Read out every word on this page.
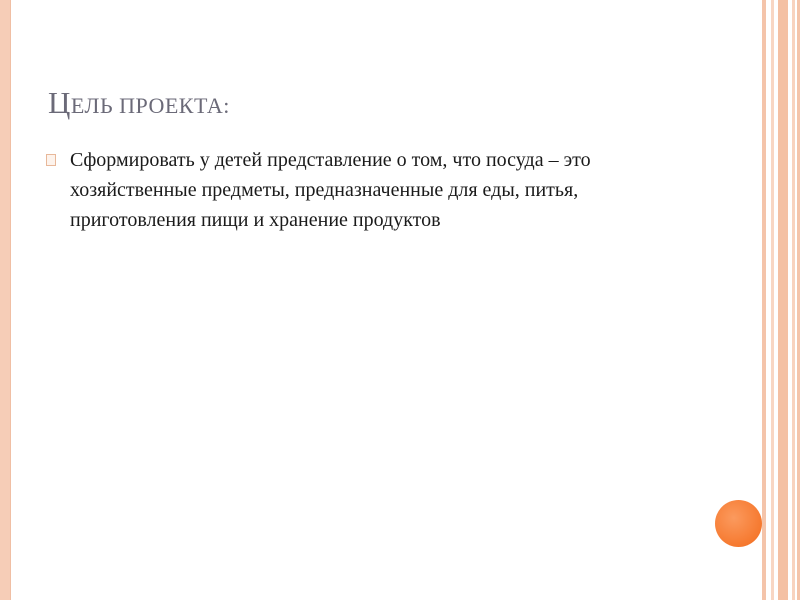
ЦЕЛЬ ПРОЕКТА:
Сформировать у детей представление о том, что посуда – это хозяйственные предметы, предназначенные для еды, питья, приготовления пищи и хранение продуктов
